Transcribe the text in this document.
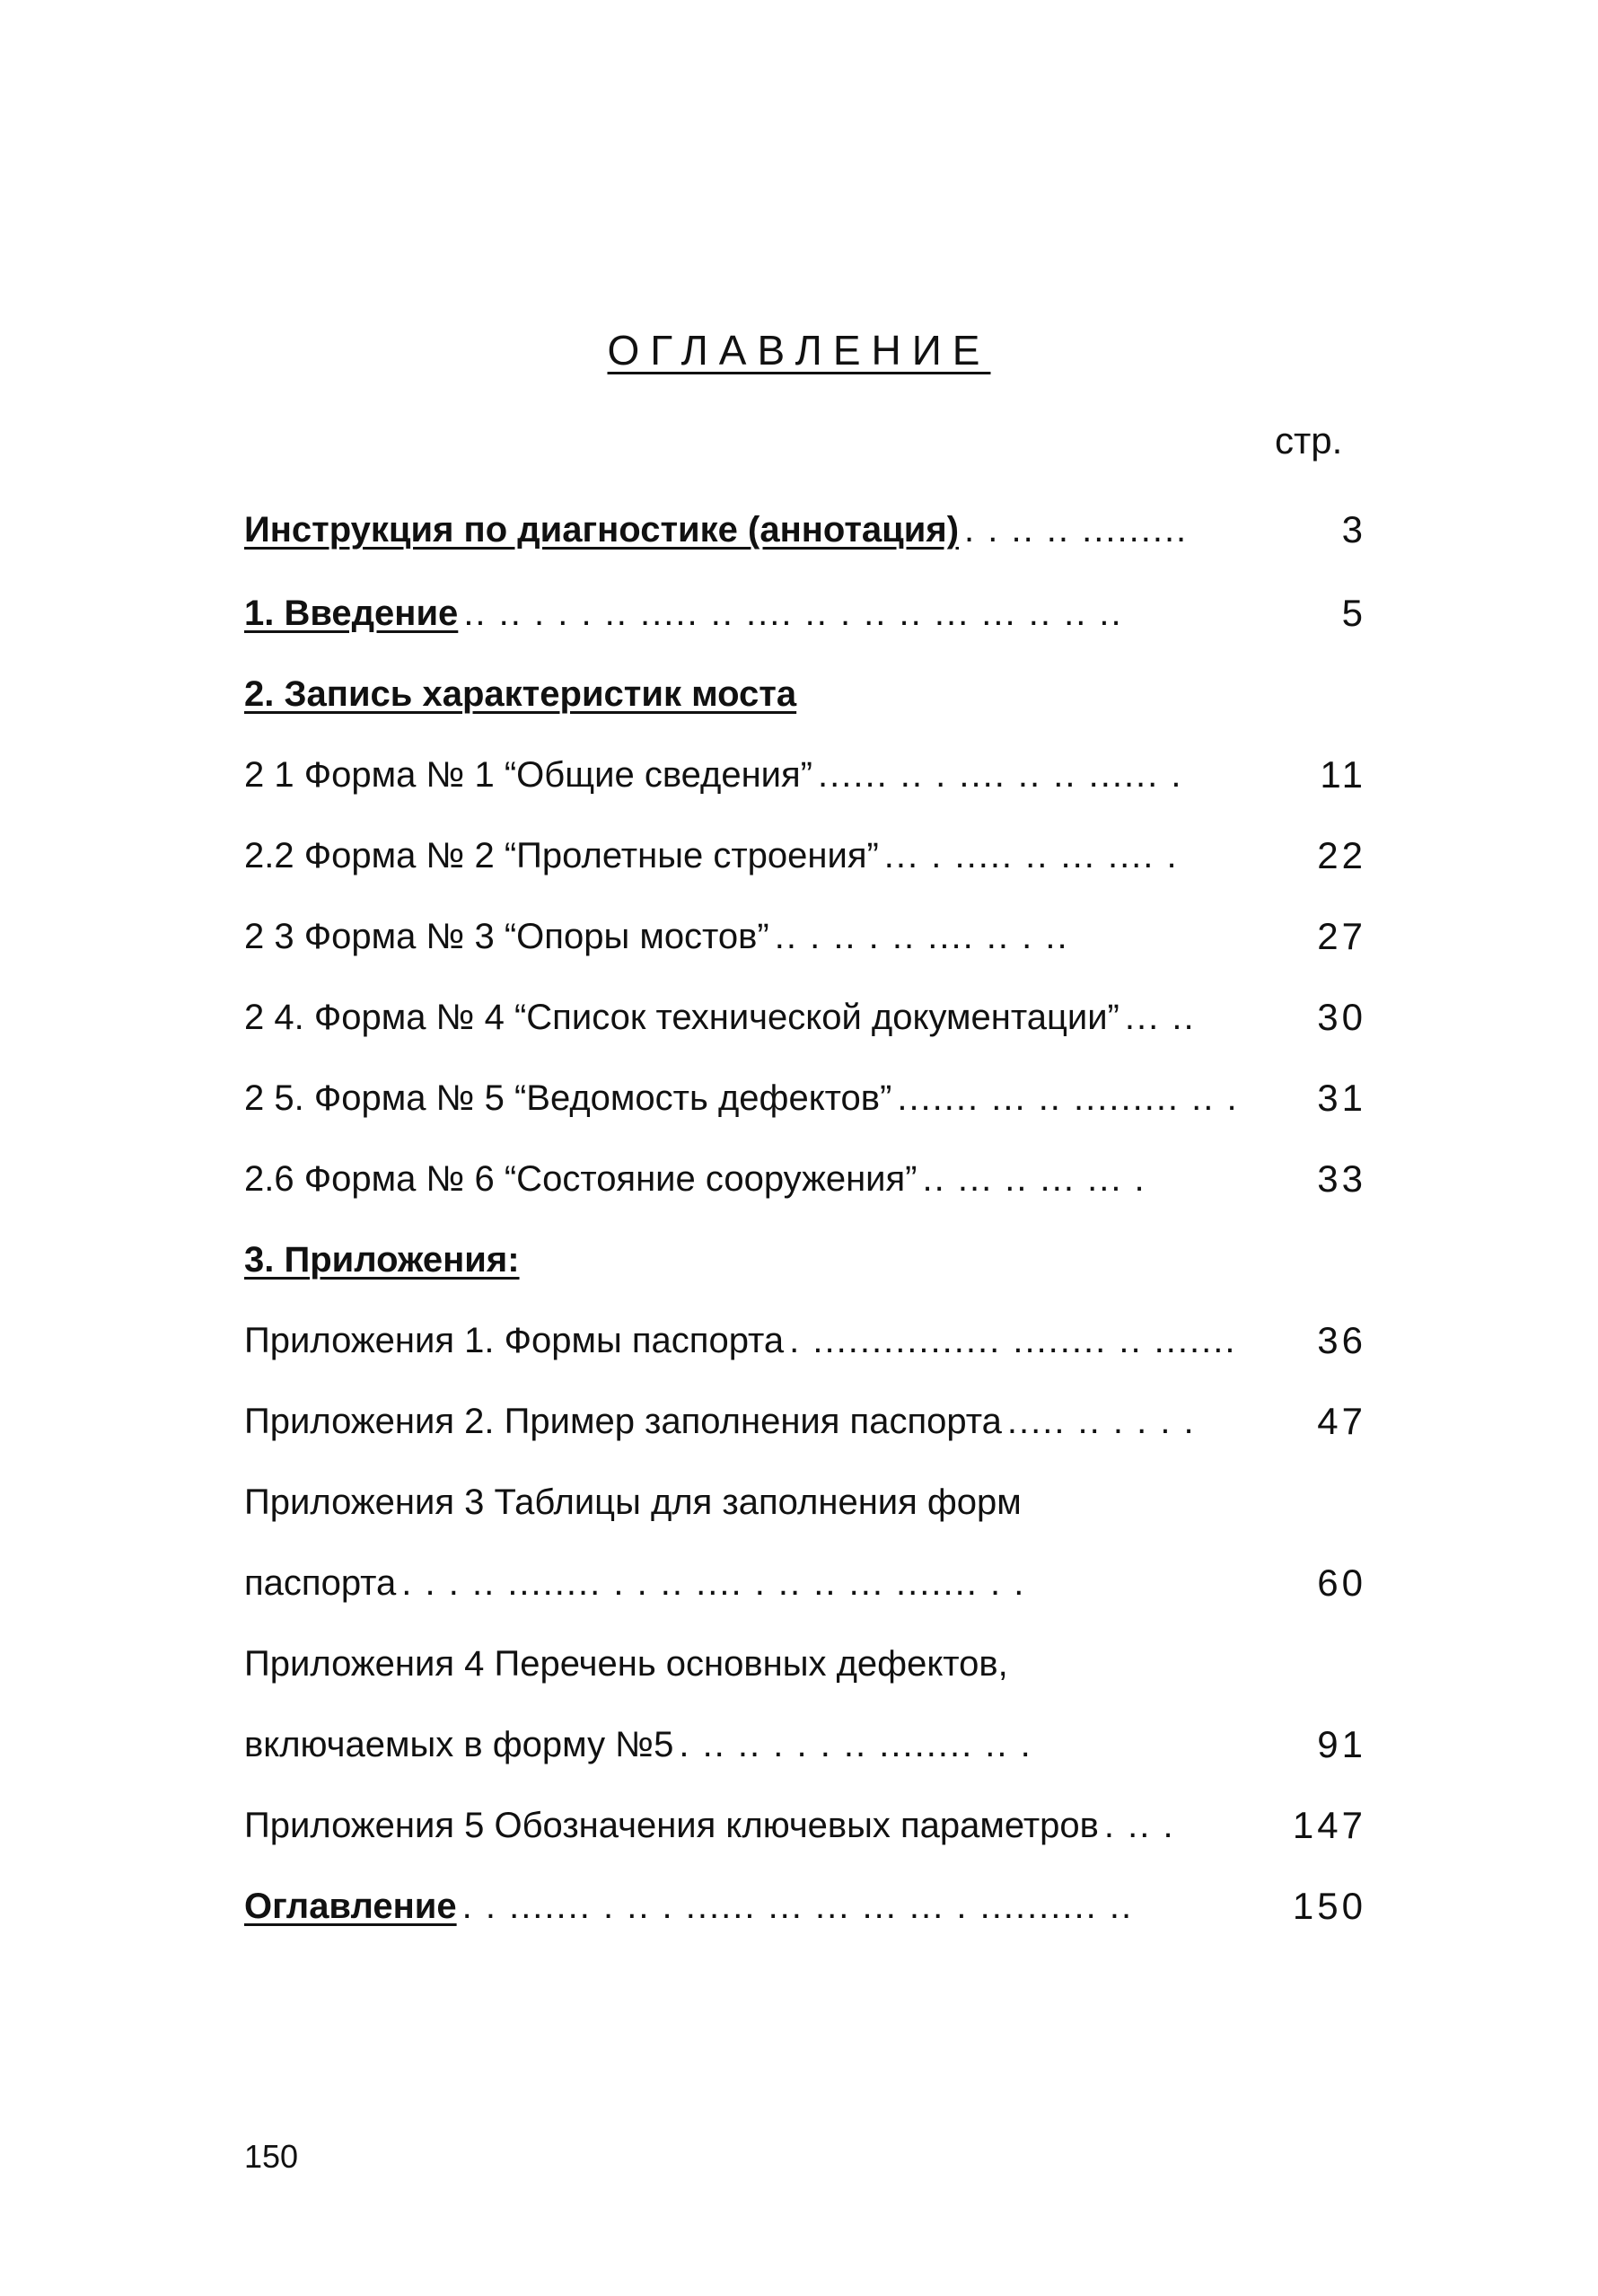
ОГЛАВЛЕНИЕ
стр.
Инструкция по диагностике (аннотация) . . .. .. .........	3
1. Введение .. .. . . . .. ..... .. .... .. . .. .. ... ... .. .. ..	5
2. Запись характеристик моста
2 1 Форма № 1 “Общие сведения” ...... .. . .... .. .. ...... .	11
2.2 Форма № 2 “Пролетные строения” ... . ..... .. ... .... .	22
2 3 Форма № 3 “Опоры мостов” .. . .. . .. .... .. . ..	27
2 4. Форма № 4 “Список технической документации” ... ..	30
2 5. Форма № 5 “Ведомость дефектов” ....... ... .. ......... .. . 31
2.6 Форма № 6 “Состояние сооружения” .. ... .. ... ... .	33
3. Приложения:
Приложения 1. Формы паспорта . ................ ........ .. ....... 36
Приложения 2. Пример заполнения паспорта ..... .. . . . .	47
Приложения 3 Таблицы для заполнения форм
паспорта . . . .. ........ . . .. .... . .. .. ... ....... . .	60
Приложения 4 Перечень основных дефектов,
включаемых в форму №5 . .. .. . . . .. ........ .. .	91
Приложения 5 Обозначения ключевых параметров . .. .	147
Оглавление . . ....... . .. . ...... ... ... ... ... . .......... ..	150
150
